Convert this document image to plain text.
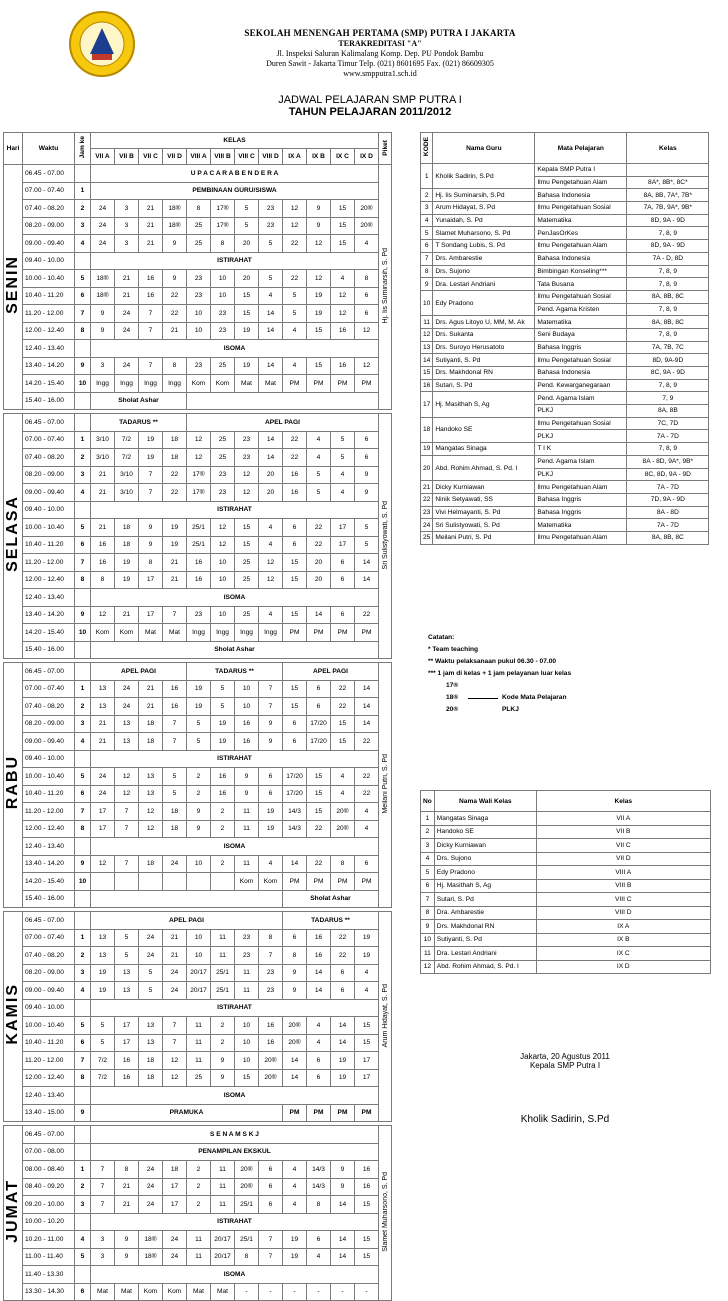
SEKOLAH MENENGAH PERTAMA (SMP) PUTRA I JAKARTA
TERAKREDITASI "A"
Jl. Inspeksi Saluran Kalimalang Komp. Dep. PU Pondok Bambu
Duren Sawit - Jakarta Timur Telp. (021) 8601695 Fax. (021) 86609305
www.smpputra1.sch.id
JADWAL PELAJARAN SMP PUTRA I
TAHUN PELAJARAN 2011/2012
Hari	Waktu	Jam ke	KELAS												Piket
			VII A	VII B	VII C	VII D	VIII A	VIII B	VIII C	VIII D	IX A	IX B	IX C	IX D	
SENIN	06.45 - 07.00		U P A C A R A B E N D E R A												Hj. Iis Suminarsih, S. Pd
	07.00 - 07.40	1	PEMBINAAN GURU/SISWA												
	07.40 - 08.20	2	24	3	21	18®	8	17®	5	23	12	9	15	20®	
	08.20 - 09.00	3	24	3	21	18®	25	17®	5	23	12	9	15	20®	
	09.00 - 09.40	4	24	3	21	9	25	8	20	5	22	12	15	4	
	09.40 - 10.00		ISTIRAHAT												
	10.00 - 10.40	5	18®	21	16	9	23	10	20	5	22	12	4	8	
	10.40 - 11.20	6	18®	21	16	22	23	10	15	4	5	19	12	6	
	11.20 - 12.00	7	9	24	7	22	10	23	15	14	5	19	12	6	
	12.00 - 12.40	8	9	24	7	21	10	23	19	14	4	15	16	12	
	12.40 - 13.40		ISOMA												
	13.40 - 14.20	9	3	24	7	8	23	25	19	14	4	15	16	12	
	14.20 - 15.40	10	Ingg	Ingg	Ingg	Ingg	Kom	Kom	Mat	Mat	PM	PM	PM	PM	
	15.40 - 16.00		Sholat Ashar												

SELASA	06.45 - 07.00		TADARUS **				APEL PAGI								Sri Sulistyowati, S. Pd
	07.00 - 07.40	1	3/10	7/2	19	18	12	25	23	14	22	4	5	6	
	07.40 - 08.20	2	3/10	7/2	19	18	12	25	23	14	22	4	5	6	
	08.20 - 09.00	3	21	3/10	7	22	17®	23	12	20	16	5	4	9	
	09.00 - 09.40	4	21	3/10	7	22	17®	23	12	20	16	5	4	9	
	09.40 - 10.00		ISTIRAHAT												
	10.00 - 10.40	5	21	18	9	19	25/1	12	15	4	6	22	17	5	
	10.40 - 11.20	6	16	18	9	19	25/1	12	15	4	6	22	17	5	
	11.20 - 12.00	7	16	19	8	21	16	10	25	12	15	20	6	14	
	12.00 - 12.40	8	8	19	17	21	16	10	25	12	15	20	6	14	
	12.40 - 13.40		ISOMA												
	13.40 - 14.20	9	12	21	17	7	23	10	25	4	15	14	6	22	
	14.20 - 15.40	10	Kom	Kom	Mat	Mat	Ingg	Ingg	Ingg	Ingg	PM	PM	PM	PM	
	15.40 - 16.00		Sholat Ashar												

RABU	06.45 - 07.00		APEL PAGI				TADARUS **				APEL PAGI				Meilani Putri, S. Pd
	07.00 - 07.40	1	13	24	21	16	19	5	10	7	15	6	22	14	
	07.40 - 08.20	2	13	24	21	16	19	5	10	7	15	6	22	14	
	08.20 - 09.00	3	21	13	18	7	5	19	16	9	6	17/20	15	14	
	09.00 - 09.40	4	21	13	18	7	5	19	16	9	6	17/20	15	22	
	09.40 - 10.00		ISTIRAHAT												
	10.00 - 10.40	5	24	12	13	5	2	16	9	6	17/20	15	4	22	
	10.40 - 11.20	6	24	12	13	5	2	16	9	6	17/20	15	4	22	
	11.20 - 12.00	7	17	7	12	18	9	2	11	19	14/3	15	20®	4	
	12.00 - 12.40	8	17	7	12	18	9	2	11	19	14/3	22	20®	4	
	12.40 - 13.40		ISOMA												
	13.40 - 14.20	9	12	7	18	24	10	2	11	4	14	22	8	6	
	14.20 - 15.40	10							Kom	Kom	PM	PM	PM	PM	
	15.40 - 16.00										Sholat Ashar				

KAMIS	06.45 - 07.00		APEL PAGI								TADARUS **				Arum Hidayat, S. Pd
	07.00 - 07.40	1	13	5	24	21	10	11	23	8	6	16	22	19	
	07.40 - 08.20	2	13	5	24	21	10	11	23	7	8	16	22	19	
	08.20 - 09.00	3	19	13	5	24	20/17	25/1	11	23	9	14	6	4	
	09.00 - 09.40	4	19	13	5	24	20/17	25/1	11	23	9	14	6	4	
	09.40 - 10.00		ISTIRAHAT												
	10.00 - 10.40	5	5	17	13	7	11	2	10	16	20®	4	14	15	
	10.40 - 11.20	6	5	17	13	7	11	2	10	16	20®	4	14	15	
	11.20 - 12.00	7	7/2	16	18	12	11	9	10	20®	14	6	19	17	
	12.00 - 12.40	8	7/2	16	18	12	25	9	15	20®	14	6	19	17	
	12.40 - 13.40		ISOMA												
	13.40 - 15.00	9	PRAMUKA								PM	PM	PM	PM	

JUMAT	06.45 - 07.00		S E N A M S K J												Slamet Muharsono, S. Pd
	07.00 - 08.00		PENAMPILAN EKSKUL												
	08.00 - 08.40	1	7	8	24	18	2	11	20®	6	4	14/3	9	16	
	08.40 - 09.20	2	7	21	24	17	2	11	20®	6	4	14/3	9	16	
	09.20 - 10.00	3	7	21	24	17	2	11	25/1	6	4	8	14	15	
	10.00 - 10.20		ISTIRAHAT												
	10.20 - 11.00	4	3	9	18®	24	11	20/17	25/1	7	19	6	14	15	
	11.00 - 11.40	5	3	9	18®	24	11	20/17	8	7	19	4	14	15	
	11.40 - 13.30		ISOMA												
	13.30 - 14.30	6	Mat	Mat	Kom	Kom	Mat	Mat	-	-	-	-	-	-	
KODE	Nama Guru	Mata Pelajaran	Kelas
1	Kholik Sadirin, S.Pd	Kepala SMP Putra I	
		Ilmu Pengetahuan Alam	8A*, 8B*, 8C*
2	Hj. Iis Suminarsih, S.Pd	Bahasa Indonesia	8A, 8B, 7A*, 7B*
3	Arum Hidayat, S. Pd	Ilmu Pengetahuan Sosial	7A, 7B, 9A*, 9B*
4	Yunaidah, S. Pd	Matematika	8D, 9A - 9D
5	Slamet Muharsono, S. Pd	PenJasOrKes	7, 8, 9
6	T Sondang Lubis, S. Pd	Ilmu Pengetahuan Alam	8D, 9A - 9D
7	Drs. Ambarestie	Bahasa Indonesia	7A - D, 8D
8	Drs. Sujono	Bimbingan Konseling***	7, 8, 9
9	Dra. Lestari Andriani	Tata Busana	7, 8, 9
10	Edy Pradono	Ilmu Pengetahuan Sosial	8A, 8B, 8C
		Pend. Agama Kristen	7, 8, 9
11	Drs. Agus Litoyo U, MM, M. Ak	Matematika	8A, 8B, 8C
12	Drs. Sukanta	Seni Budaya	7, 8, 9
13	Drs. Suroyo Herusatoto	Bahasa Inggris	7A, 7B, 7C
14	Sutiyanti, S. Pd	Ilmu Pengetahuan Sosial	8D, 9A-9D
15	Drs. Makhdonal RN	Bahasa Indonesia	8C, 9A - 9D
16	Sutari, S. Pd	Pend. Kewarganegaraan	7, 8, 9
17	Hj. Masithah S, Ag	Pend. Agama Islam	7, 9
		PLKJ	8A, 8B
18	Handoko SE	Ilmu Pengetahuan Sosial	7C, 7D
		PLKJ	7A - 7D
19	Mangatas Sinaga	T I K	7, 8, 9
20	Abd. Rohim Ahmad, S. Pd. I	Pend. Agama Islam	8A - 8D, 9A*, 9B*
		PLKJ	8C, 8D, 9A - 9D
21	Dicky Kurniawan	Ilmu Pengetahuan Alam	7A - 7D
22	Ninik Setyawati, SS	Bahasa Inggris	7D, 9A - 9D
23	Vivi Helmayanti, S. Pd	Bahasa Inggris	8A - 8D
24	Sri Sulistyowati, S. Pd	Matematika	7A - 7D
25	Meilani Putri, S. Pd	Ilmu Pengetahuan Alam	8A, 8B, 8C
Catatan:
* Team teaching
** Waktu pelaksanaan pukul 06.30 - 07.00
*** 1 jam di kelas + 1 jam pelayanan luar kelas
17®
18®	Kode Mata Pelajaran PLKJ
20®
No	Nama Wali Kelas	Kelas
1	Mangatas Sinaga	VII A
2	Handoko SE	VII B
3	Dicky Kurniawan	VII C
4	Drs. Sujono	VII D
5	Edy Pradono	VIII A
6	Hj. Masithah S, Ag	VIII B
7	Sutari, S. Pd	VIII C
8	Dra. Ambarestie	VIII D
9	Drs. Makhdonal RN	IX A
10	Sutiyanti, S. Pd	IX B
11	Dra. Lestari Andriani	IX C
12	Abd. Rohim Ahmad, S. Pd. I	IX D
Jakarta, 20 Agustus 2011
Kepala SMP Putra I
Kholik Sadirin, S.Pd
